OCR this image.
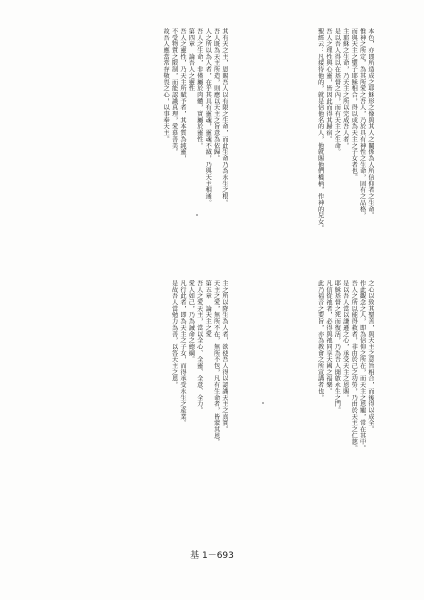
本色，亦即所造成之耶穌形之像與其人之關係為人所信仰者之生命。

惟神之所定，為其所愛之吾人，乃於具有神性之生命，固有之品格，

而與天主之聖子耶穌相合，得以成為天主之子女者也。

主耶穌之生命，乃天主之所以完成吾人者。

是以吾人得以在基督之內，而有天主之生命。

吾人之理性與心靈，皆因此而得其歸宿。

聖經云：凡接待他的，就是信他名的人，他就賜他們權柄，作神的兒女。

其有天之主，恩賜吾人以有限之生命，而此生命乃為永生之根。

吾人既為天主所造，則應以天主之旨意為依歸。

人之所以為人者，在乎其具有靈魂，靈魂不滅，乃與天主相通。

吾人之生命，非僅屬於肉體，實屬於靈性。

第四章　論吾人之靈性

吾人之靈性，乃天主所賦予者，其本質為純靈，

不受物質之限制，而能認識真理，愛慕善美。

故吾人應當常存敬畏之心，以事奉天主。

之心以致其聖善，與天主之意旨相合，而後得以成全。

作此觀念之人，即為信仰之所在，而天主之恩寵，常在其中。

吾人之所以能得救者，非由於己之功勞，乃由於天主之仁慈。

是以吾人當以謙遜之心，承受天主之恩賜。

耶穌基督之死而復活，乃為吾人開啟永生之門。

凡信從祂者，必得與祂同享天國之福樂。

此乃福音之要旨，亦為教會之所宣講者也。

主之所以降生為人者，欲使吾人得以認識天主之真實。

天主之愛，無所不在，無所不包，凡有生命者，皆蒙其恩。

第五章　論天主之愛

吾人之愛天主，當以全心、全靈、全意、全力。

愛人如己，乃為誡命之總綱。

凡行此者，即為天主之子女，而得承受永生之產業。

是故吾人當勉力為善，以答天主之恩。

基 1－693
